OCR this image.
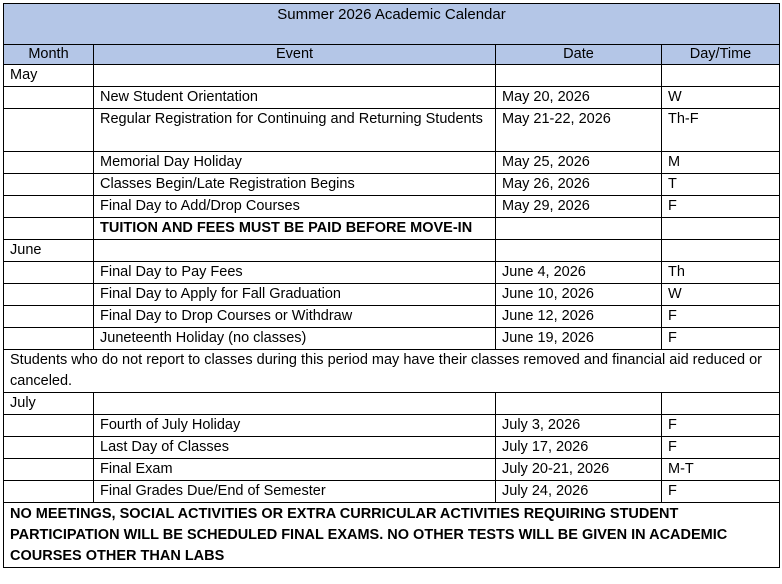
Summer 2026 Academic Calendar			
Month	Event	Date	Day/Time
May			
	New Student Orientation	May 20, 2026	W
	Regular Registration for Continuing and Returning Students	May 21-22, 2026	Th-F
	Memorial Day Holiday	May 25, 2026	M
	Classes Begin/Late Registration Begins	May 26, 2026	T
	Final Day to Add/Drop Courses	May 29, 2026	F
	TUITION AND FEES MUST BE PAID BEFORE MOVE-IN		
June			
	Final Day to Pay Fees	June 4, 2026	Th
	Final Day to Apply for Fall Graduation	June 10, 2026	W
	Final Day to Drop Courses or Withdraw	June 12, 2026	F
	Juneteenth Holiday (no classes)	June 19, 2026	F
Students who do not report to classes during this period may have their classes removed and financial aid reduced or canceled.			
July			
	Fourth of July Holiday	July 3, 2026	F
	Last Day of Classes	July 17, 2026	F
	Final Exam	July 20-21, 2026	M-T
	Final Grades Due/End of Semester	July 24, 2026	F
NO MEETINGS, SOCIAL ACTIVITIES OR EXTRA CURRICULAR ACTIVITIES REQUIRING STUDENT PARTICIPATION WILL BE SCHEDULED FINAL EXAMS. NO OTHER TESTS WILL BE GIVEN IN ACADEMIC COURSES OTHER THAN LABS			
